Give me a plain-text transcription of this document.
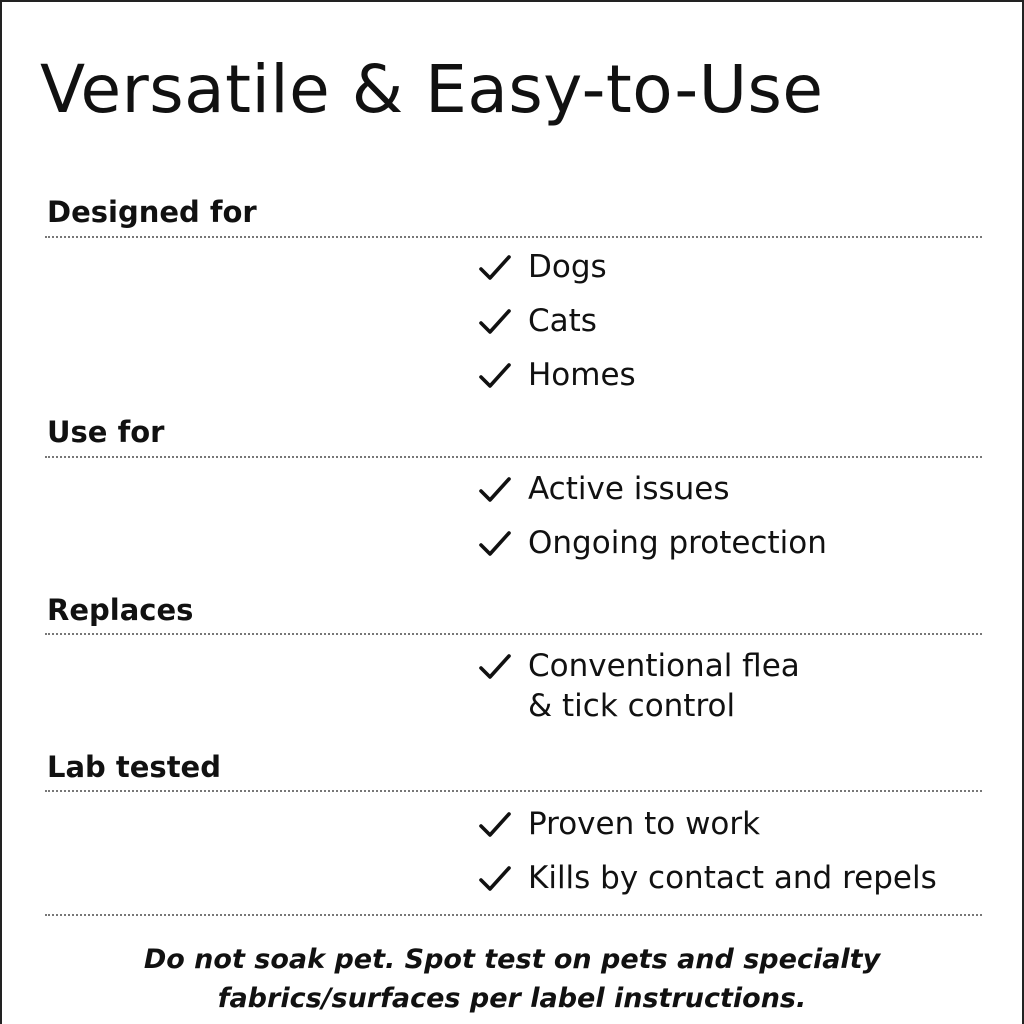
Versatile & Easy-to-Use
Designed for
Dogs
Cats
Homes
Use for
Active issues
Ongoing protection
Replaces
Conventional flea
& tick control
Lab tested
Proven to work
Kills by contact and repels

Do not soak pet. Spot test on pets and specialty
fabrics/surfaces per label instructions.
